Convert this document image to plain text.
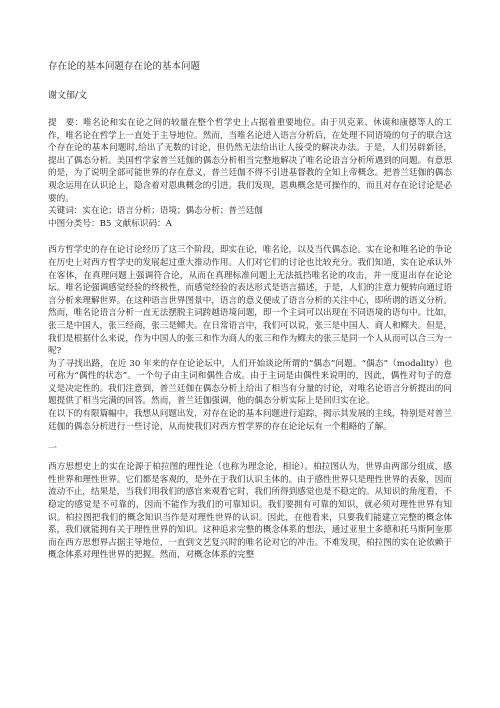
存在论的基本问题存在论的基本问题
谢文郁/文

提　要：唯名论和实在论之间的较量在整个哲学史上占据着重要地位。由于贝克莱、休谟和康德等人的工作，唯名论在哲学上一直处于主导地位。然而，当唯名论进入语言分析后，在处理不同语境的句子的联合这个存在论的基本问题时,给出了无数的讨论，但仍然无法给出让人接受的解决办法。于是，人们另辟新径，提出了偶态分析。美国哲学家普兰廷伽的偶态分析相当完整地解决了唯名论语言分析所遇到的问题。有意思的是，为了说明全部可能世界的存在意义，普兰廷伽不得不引进基督教的全知上帝概念。把普兰廷伽的偶态观念运用在认识论上，隐含着对恩典概念的引进。我们发现，恩典概念是可操作的，而且对存在论讨论是必要的。

关键词：实在论；语言分析；语境；偶态分析；普兰廷伽

中图分类号：B5 文献标识码：A

西方哲学史的存在论讨论经历了这三个阶段，即实在论，唯名论，以及当代偶态论。实在论和唯名论的争论在历史上对西方哲学史的发展起过重大推动作用。人们对它们的讨论也比较充分。我们知道，实在论承认外在客体，在真理问题上强调符合论，从而在真理标准问题上无法抵挡唯名论的攻击，并一度退出存在论论坛。唯名论强调感觉经验的终极性，而感觉经验的表达形式是语言描述，于是，人们的注意力便转向通过语言分析来理解世界。在这种语言世界图景中，语言的意义便成了语言分析的关注中心，即所谓的语义分析。然而，唯名论语言分析一直无法摆脱主词跨越语境问题，即一个主词可以出现在不同语境的语句中。比如，张三是中国人，张三经商，张三是鳏夫。在日常语言中，我们可以说，张三是中国人、商人和鳏夫。但是，我们是根据什么来说，作为中国人的张三和作为商人的张三和作为鳏夫的张三是同一个人从而可以合三为一呢?

为了寻找出路，在近 30 年来的存在论论坛中，人们开始谈论所谓的“偶态”问题。“偶态”（modality）也可称为“偶性的状态”。一个句子由主词和偶性合成。由于主词是由偶性来说明的，因此，偶性对句子的意义是决定性的。我们注意到，普兰廷伽在偶态分析上给出了相当有分量的讨论，对唯名论语言分析提出的问题提供了相当完满的回答。然而，普兰廷伽强调，他的偶态分析实际上是回归实在论。

在以下的有限篇幅中，我想从问题出发，对存在论的基本问题进行追踪，揭示其发展的主线，特别是对普兰廷伽的偶态分析进行一些讨论，从而使我们对西方哲学界的存在论论坛有一个粗略的了解。

一

西方思想史上的实在论源于柏拉图的理性论（也称为理念论，相论）。柏拉图认为，世界由两部分组成，感性世界和理性世界。它们都是客观的，是外在于我们认识主体的。由于感性世界只是理性世界的表象，因而流动不止，结果是，当我们用我们的感官来观看它时，我们所得到感觉也是不稳定的。从知识的角度看，不稳定的感觉是不可靠的，因而不能作为我们的可靠知识。我们要拥有可靠的知识，就必须对理性世界有知识。柏拉图把我们的概念知识当作是对理性世界的认识。因此，在他看来，只要我们能建立完整的概念体系，我们就能拥有关于理性世界的知识。这种追求完整的概念体系的想法，通过亚里士多德和托马斯阿奎那而在西方思想界占据主导地位，一直到文艺复兴时的唯名论对它的冲击。不难发现，柏拉图的实在论依赖于概念体系对理性世界的把握。然而，对概念体系的完整
